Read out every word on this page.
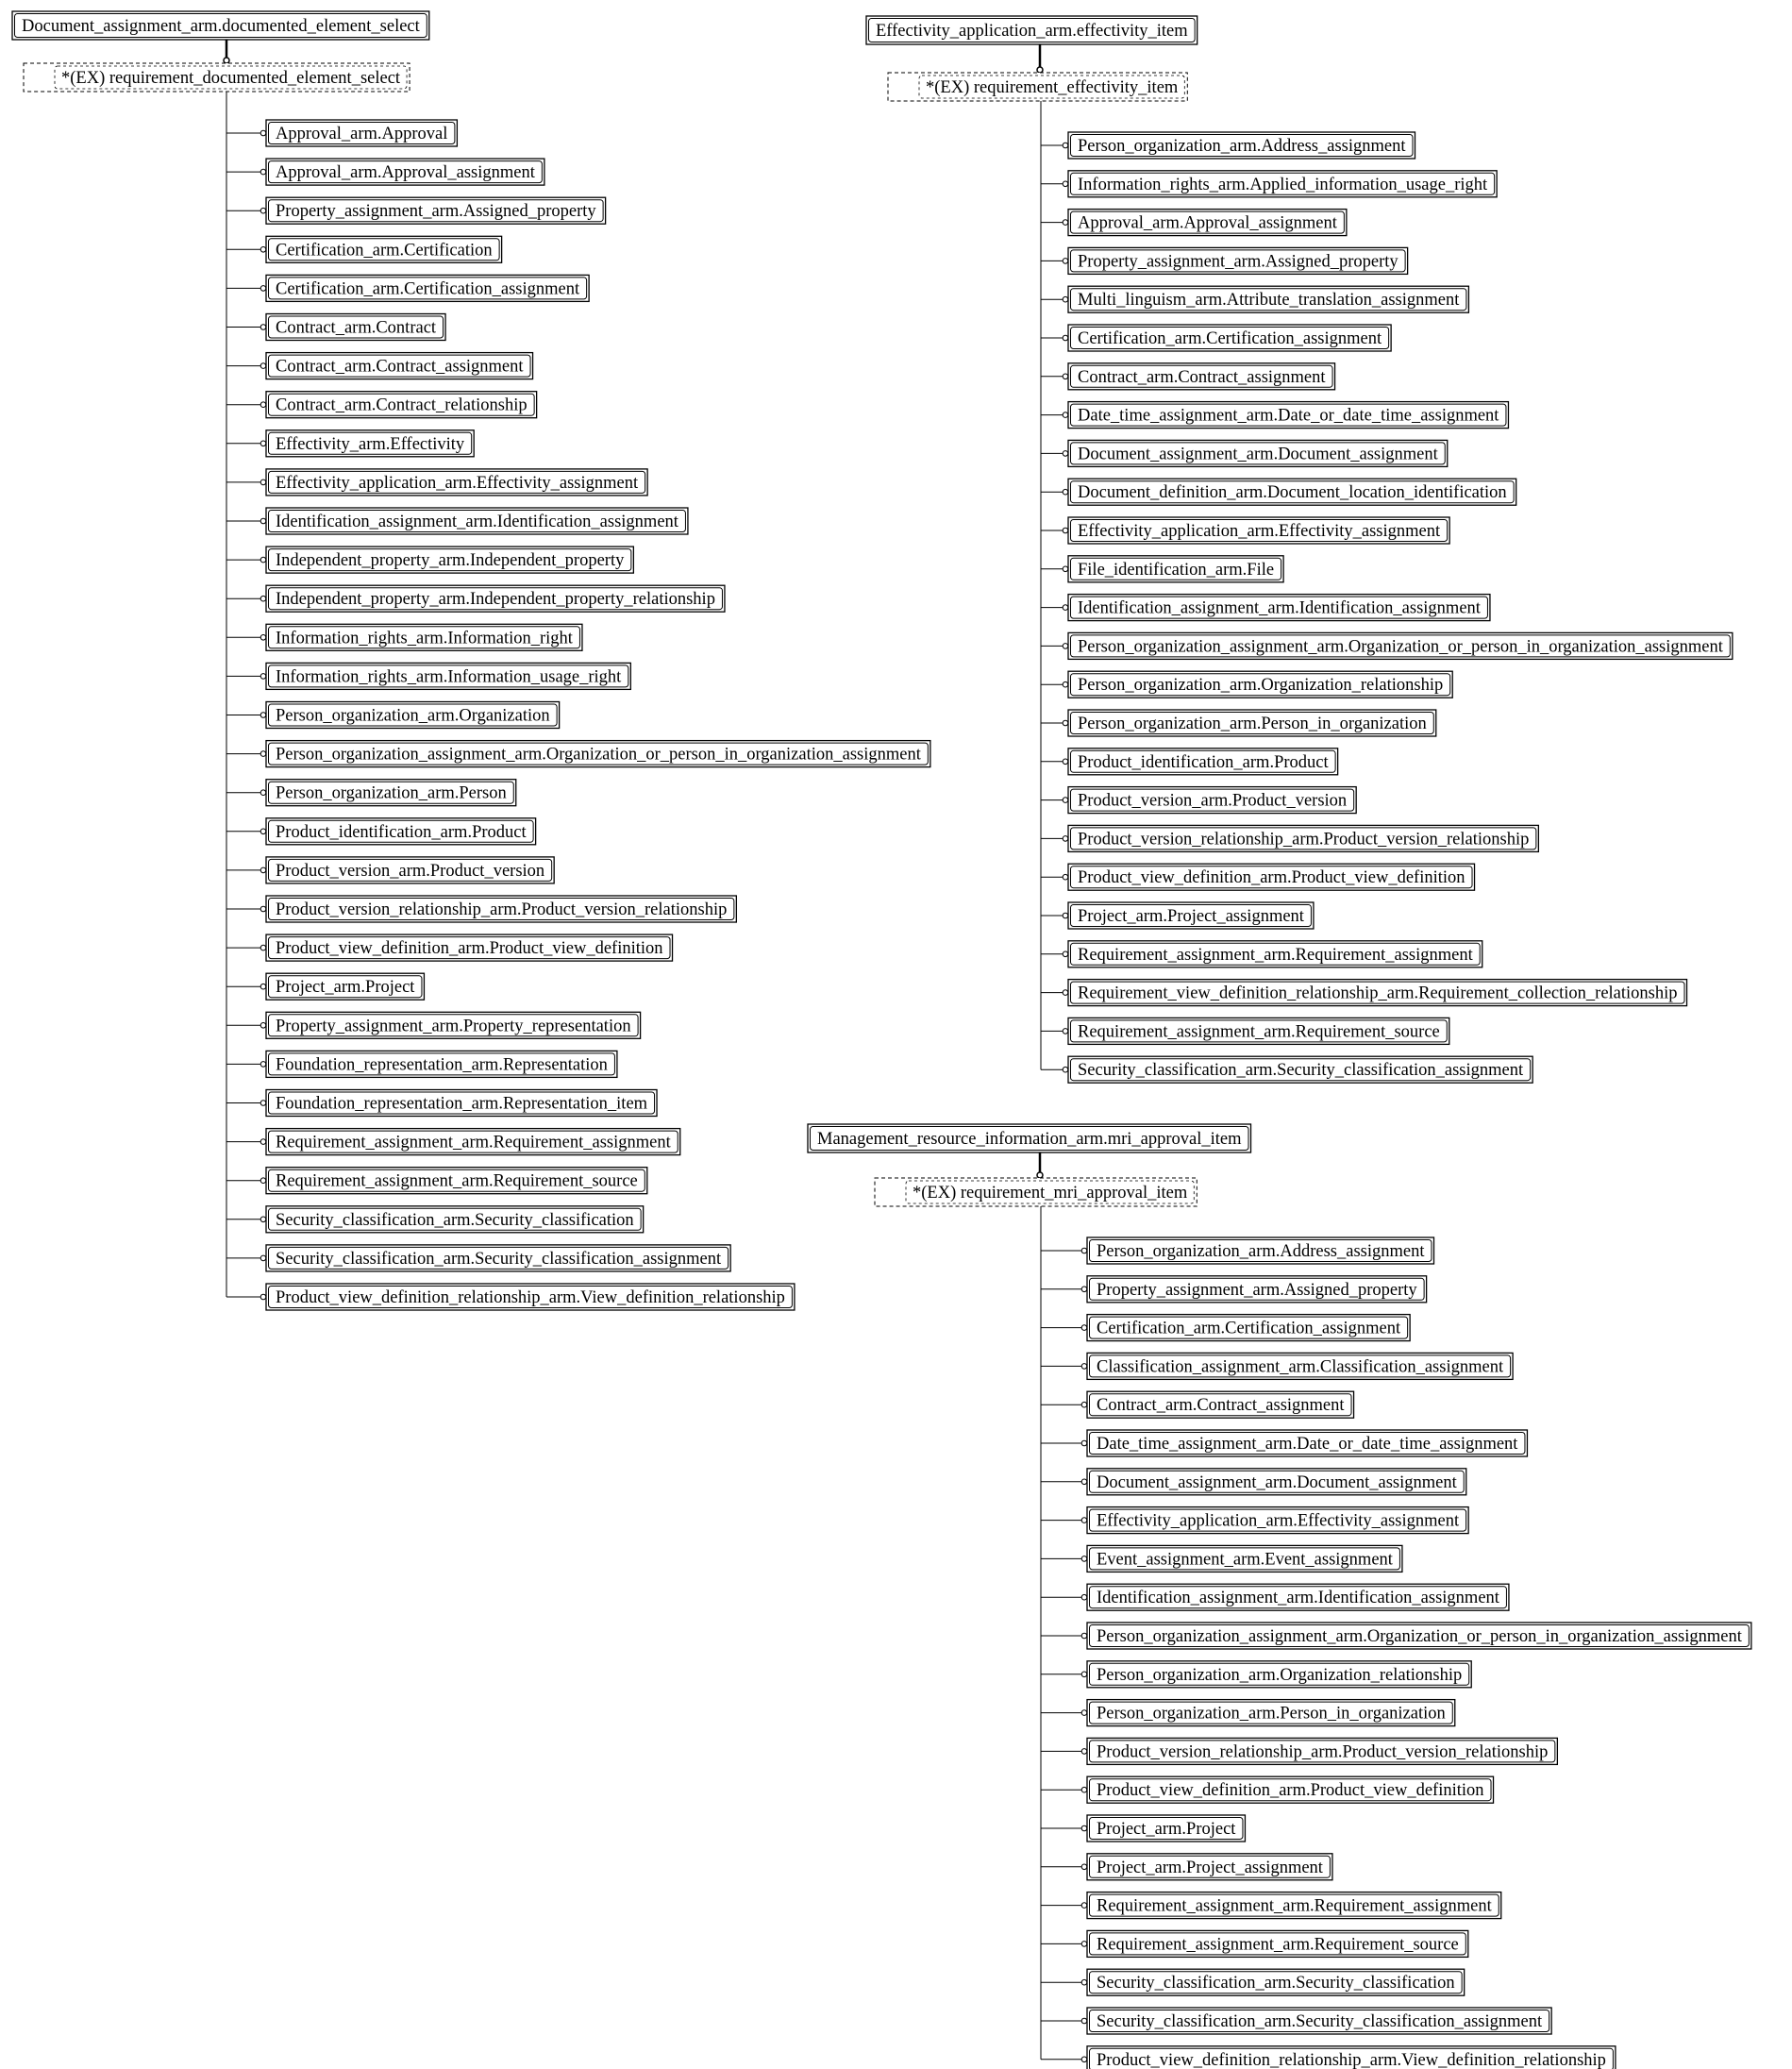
Document_assignment_arm.documented_element_select
*(EX) requirement_documented_element_select
Approval_arm.Approval
Approval_arm.Approval_assignment
Property_assignment_arm.Assigned_property
Certification_arm.Certification
Certification_arm.Certification_assignment
Contract_arm.Contract
Contract_arm.Contract_assignment
Contract_arm.Contract_relationship
Effectivity_arm.Effectivity
Effectivity_application_arm.Effectivity_assignment
Identification_assignment_arm.Identification_assignment
Independent_property_arm.Independent_property
Independent_property_arm.Independent_property_relationship
Information_rights_arm.Information_right
Information_rights_arm.Information_usage_right
Person_organization_arm.Organization
Person_organization_assignment_arm.Organization_or_person_in_organization_assignment
Person_organization_arm.Person
Product_identification_arm.Product
Product_version_arm.Product_version
Product_version_relationship_arm.Product_version_relationship
Product_view_definition_arm.Product_view_definition
Project_arm.Project
Property_assignment_arm.Property_representation
Foundation_representation_arm.Representation
Foundation_representation_arm.Representation_item
Requirement_assignment_arm.Requirement_assignment
Requirement_assignment_arm.Requirement_source
Security_classification_arm.Security_classification
Security_classification_arm.Security_classification_assignment
Product_view_definition_relationship_arm.View_definition_relationship
Effectivity_application_arm.effectivity_item
*(EX) requirement_effectivity_item
Person_organization_arm.Address_assignment
Information_rights_arm.Applied_information_usage_right
Approval_arm.Approval_assignment
Property_assignment_arm.Assigned_property
Multi_linguism_arm.Attribute_translation_assignment
Certification_arm.Certification_assignment
Contract_arm.Contract_assignment
Date_time_assignment_arm.Date_or_date_time_assignment
Document_assignment_arm.Document_assignment
Document_definition_arm.Document_location_identification
Effectivity_application_arm.Effectivity_assignment
File_identification_arm.File
Identification_assignment_arm.Identification_assignment
Person_organization_assignment_arm.Organization_or_person_in_organization_assignment
Person_organization_arm.Organization_relationship
Person_organization_arm.Person_in_organization
Product_identification_arm.Product
Product_version_arm.Product_version
Product_version_relationship_arm.Product_version_relationship
Product_view_definition_arm.Product_view_definition
Project_arm.Project_assignment
Requirement_assignment_arm.Requirement_assignment
Requirement_view_definition_relationship_arm.Requirement_collection_relationship
Requirement_assignment_arm.Requirement_source
Security_classification_arm.Security_classification_assignment
Management_resource_information_arm.mri_approval_item
*(EX) requirement_mri_approval_item
Person_organization_arm.Address_assignment
Property_assignment_arm.Assigned_property
Certification_arm.Certification_assignment
Classification_assignment_arm.Classification_assignment
Contract_arm.Contract_assignment
Date_time_assignment_arm.Date_or_date_time_assignment
Document_assignment_arm.Document_assignment
Effectivity_application_arm.Effectivity_assignment
Event_assignment_arm.Event_assignment
Identification_assignment_arm.Identification_assignment
Person_organization_assignment_arm.Organization_or_person_in_organization_assignment
Person_organization_arm.Organization_relationship
Person_organization_arm.Person_in_organization
Product_version_relationship_arm.Product_version_relationship
Product_view_definition_arm.Product_view_definition
Project_arm.Project
Project_arm.Project_assignment
Requirement_assignment_arm.Requirement_assignment
Requirement_assignment_arm.Requirement_source
Security_classification_arm.Security_classification
Security_classification_arm.Security_classification_assignment
Product_view_definition_relationship_arm.View_definition_relationship
